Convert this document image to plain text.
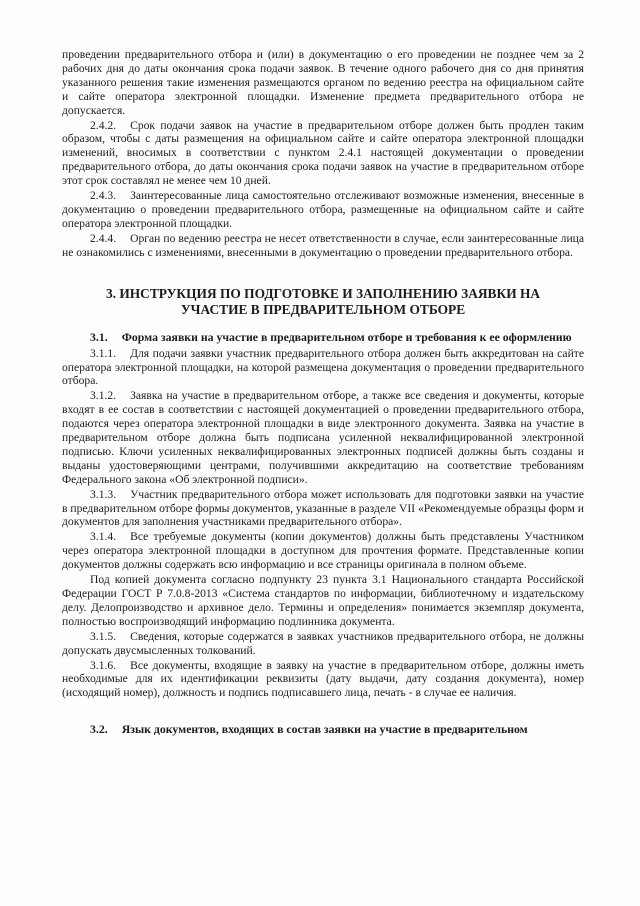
проведении предварительного отбора и (или) в документацию о его проведении не позднее чем за 2 рабочих дня до даты окончания срока подачи заявок. В течение одного рабочего дня со дня принятия указанного решения такие изменения размещаются органом по ведению реестра на официальном сайте и сайте оператора электронной площадки. Изменение предмета предварительного отбора не допускается.

2.4.2. Срок подачи заявок на участие в предварительном отборе должен быть продлен таким образом, чтобы с даты размещения на официальном сайте и сайте оператора электронной площадки изменений, вносимых в соответствии с пунктом 2.4.1 настоящей документации о проведении предварительного отбора, до даты окончания срока подачи заявок на участие в предварительном отборе этот срок составлял не менее чем 10 дней.

2.4.3. Заинтересованные лица самостоятельно отслеживают возможные изменения, внесенные в документацию о проведении предварительного отбора, размещенные на официальном сайте и сайте оператора электронной площадки.

2.4.4. Орган по ведению реестра не несет ответственности в случае, если заинтересованные лица не ознакомились с изменениями, внесенными в документацию о проведении предварительного отбора.

3. ИНСТРУКЦИЯ ПО ПОДГОТОВКЕ И ЗАПОЛНЕНИЮ ЗАЯВКИ НА УЧАСТИЕ В ПРЕДВАРИТЕЛЬНОМ ОТБОРЕ

3.1. Форма заявки на участие в предварительном отборе и требования к ее оформлению

3.1.1. Для подачи заявки участник предварительного отбора должен быть аккредитован на сайте оператора электронной площадки, на которой размещена документация о проведении предварительного отбора.

3.1.2. Заявка на участие в предварительном отборе, а также все сведения и документы, которые входят в ее состав в соответствии с настоящей документацией о проведении предварительного отбора, подаются через оператора электронной площадки в виде электронного документа. Заявка на участие в предварительном отборе должна быть подписана усиленной неквалифицированной электронной подписью. Ключи усиленных неквалифицированных электронных подписей должны быть созданы и выданы удостоверяющими центрами, получившими аккредитацию на соответствие требованиям Федерального закона «Об электронной подписи».

3.1.3. Участник предварительного отбора может использовать для подготовки заявки на участие в предварительном отборе формы документов, указанные в разделе VII «Рекомендуемые образцы форм и документов для заполнения участниками предварительного отбора».

3.1.4. Все требуемые документы (копии документов) должны быть представлены Участником через оператора электронной площадки в доступном для прочтения формате. Представленные копии документов должны содержать всю информацию и все страницы оригинала в полном объеме.

Под копией документа согласно подпункту 23 пункта 3.1 Национального стандарта Российской Федерации ГОСТ Р 7.0.8-2013 «Система стандартов по информации, библиотечному и издательскому делу. Делопроизводство и архивное дело. Термины и определения» понимается экземпляр документа, полностью воспроизводящий информацию подлинника документа.

3.1.5. Сведения, которые содержатся в заявках участников предварительного отбора, не должны допускать двусмысленных толкований.

3.1.6. Все документы, входящие в заявку на участие в предварительном отборе, должны иметь необходимые для их идентификации реквизиты (дату выдачи, дату создания документа), номер (исходящий номер), должность и подпись подписавшего лица, печать - в случае ее наличия.

3.2. Язык документов, входящих в состав заявки на участие в предварительном
